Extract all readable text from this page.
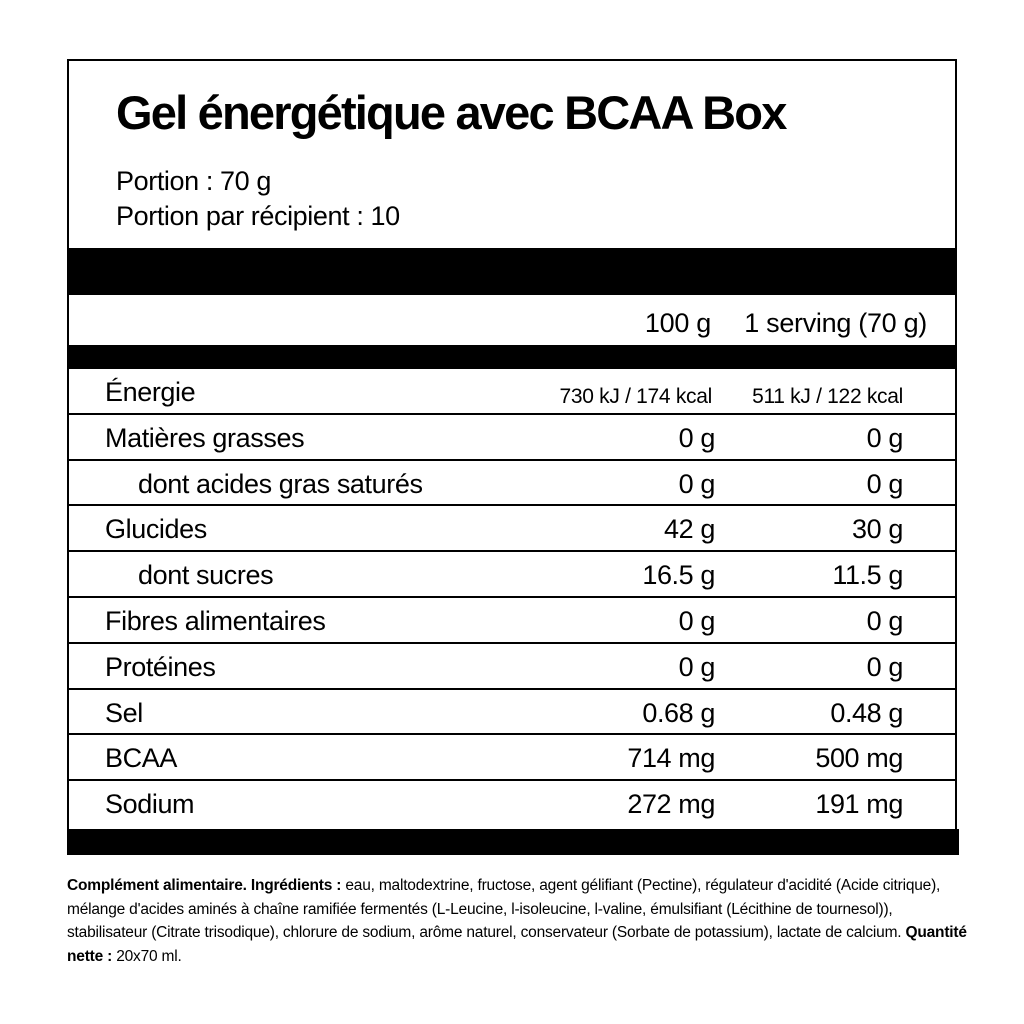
Gel énergétique avec BCAA Box
Portion : 70 g
Portion par récipient : 10
100 g 1 serving (70 g)
Énergie	730 kJ / 174 kcal 511 kJ / 122 kcal
Matières grasses	0 g	0 g
dont acides gras saturés	0 g	0 g
Glucides	42 g	30 g
dont sucres	16.5 g	11.5 g
Fibres alimentaires	0 g	0 g
Protéines	0 g	0 g
Sel	0.68 g	0.48 g
BCAA	714 mg	500 mg
Sodium	272 mg	191 mg
Complément alimentaire. Ingrédients : eau, maltodextrine, fructose, agent gélifiant (Pectine), régulateur d'acidité (Acide citrique), mélange d'acides aminés à chaîne ramifiée fermentés (L-Leucine, l-isoleucine, l-valine, émulsifiant (Lécithine de tournesol)), stabilisateur (Citrate trisodique), chlorure de sodium, arôme naturel, conservateur (Sorbate de potassium), lactate de calcium. Quantité nette : 20x70 ml.
